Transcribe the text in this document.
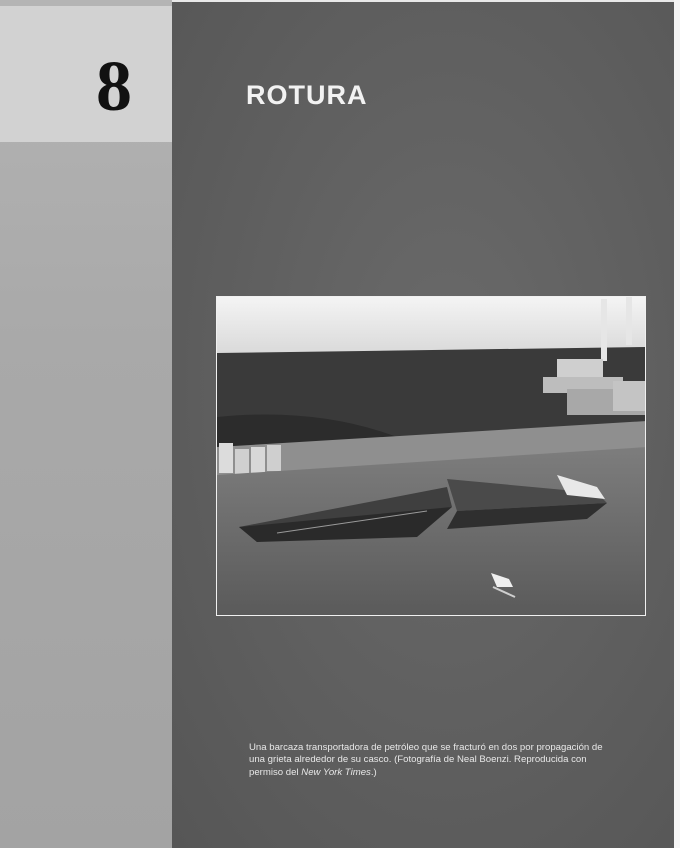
8	ROTURA
Una barcaza transportadora de petróleo que se fracturó en dos por propagación de una grieta alrededor de su casco. (Fotografía de Neal Boenzi. Reproducida con permiso del New York Times.)
